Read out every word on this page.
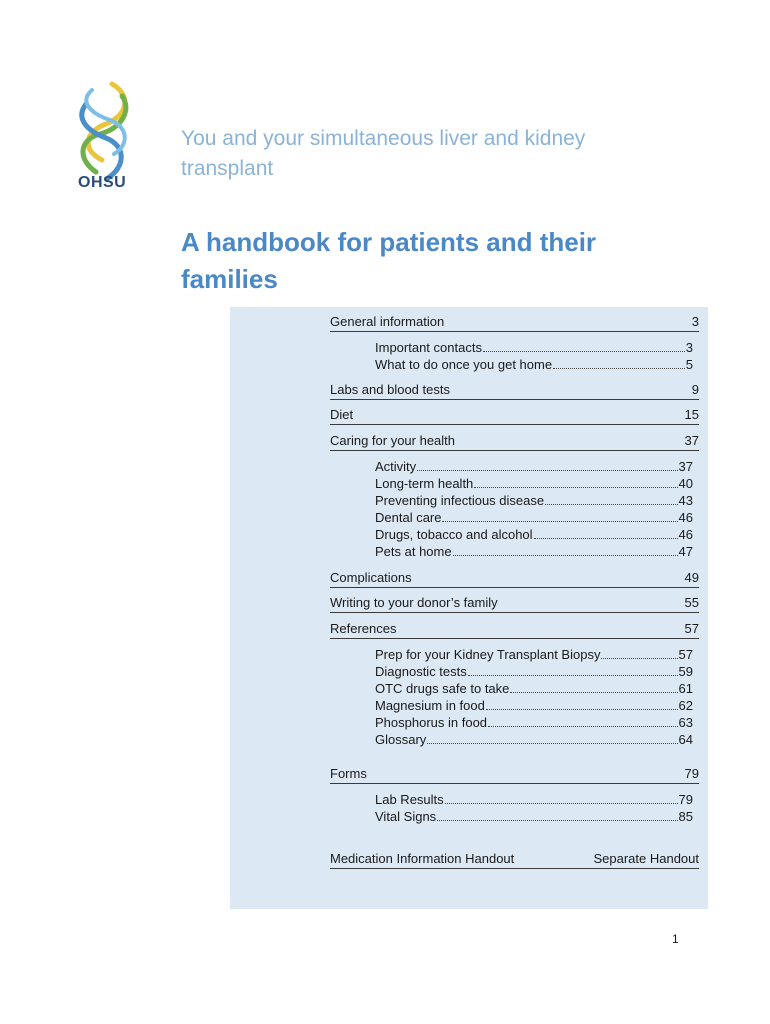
OHSU
You and your simultaneous liver and kidney transplant
A handbook for patients and their families
General information	3
Important contacts	3
What to do once you get home	5
Labs and blood tests	9
Diet	15
Caring for your health	37
Activity	37
Long-term health	40
Preventing infectious disease	43
Dental care	46
Drugs, tobacco and alcohol	46
Pets at home	47
Complications	49
Writing to your donor’s family	55
References	57
Prep for your Kidney Transplant Biopsy	57
Diagnostic tests	59
OTC drugs safe to take	61
Magnesium in food	62
Phosphorus in food	63
Glossary	64
Forms	79
Lab Results	79
Vital Signs	85
Medication Information Handout	Separate Handout
1
